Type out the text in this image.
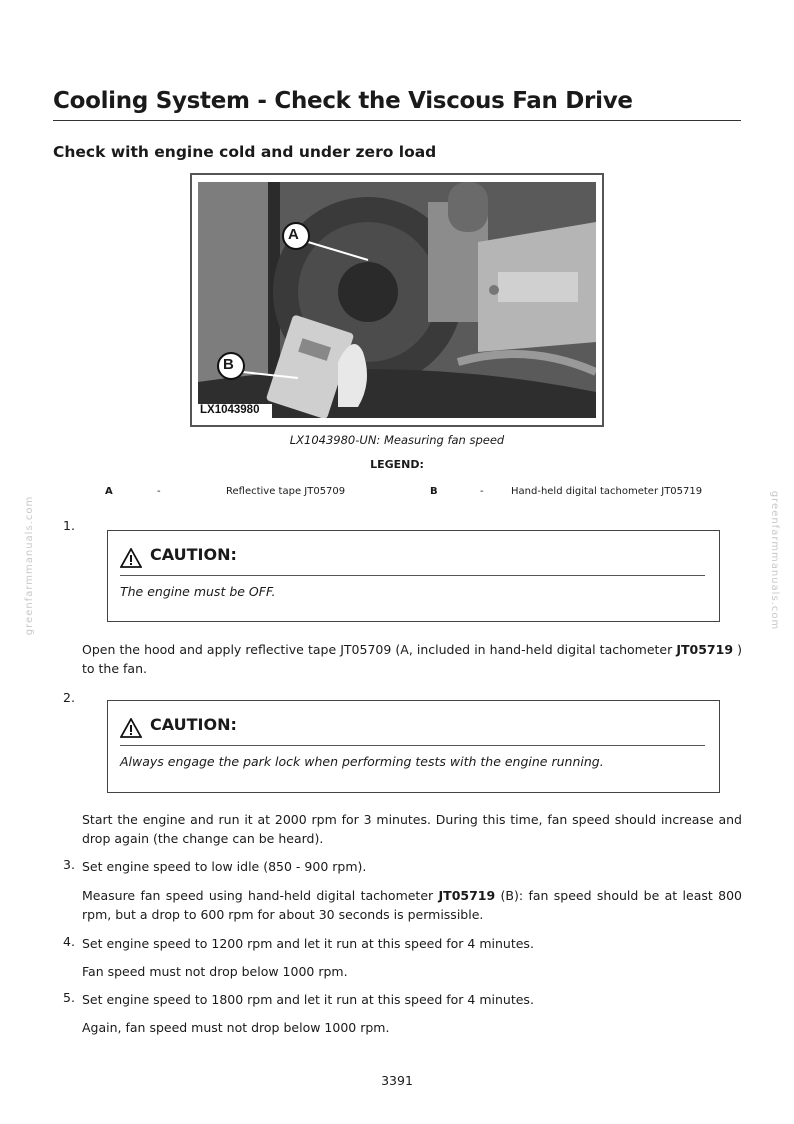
Cooling System - Check the Viscous Fan Drive
Check with engine cold and under zero load
A
B
LX1043980
LX1043980-UN: Measuring fan speed
LEGEND:
A	-	Reflective tape JT05709	B	-	Hand-held digital tachometer JT05719
greenfarmmanuals.com	greenfarmmanuals.com
1.
CAUTION:
The engine must be OFF.
Open the hood and apply reflective tape JT05709 (A, included in hand-held digital tachometer JT05719 ) to the fan.
2.
CAUTION:
Always engage the park lock when performing tests with the engine running.
Start the engine and run it at 2000 rpm for 3 minutes. During this time, fan speed should increase and drop again (the change can be heard).
3. Set engine speed to low idle (850 - 900 rpm).
Measure fan speed using hand-held digital tachometer JT05719 (B): fan speed should be at least 800 rpm, but a drop to 600 rpm for about 30 seconds is permissible.
4. Set engine speed to 1200 rpm and let it run at this speed for 4 minutes.
Fan speed must not drop below 1000 rpm.
5. Set engine speed to 1800 rpm and let it run at this speed for 4 minutes.
Again, fan speed must not drop below 1000 rpm.
3391
